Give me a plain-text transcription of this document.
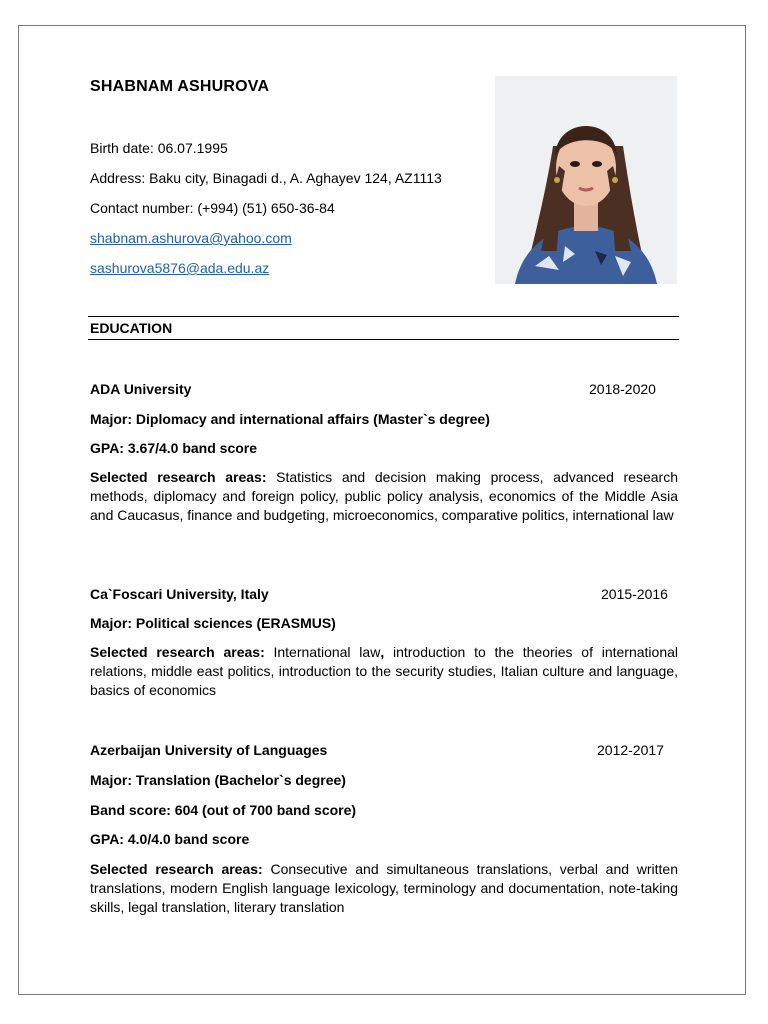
SHABNAM ASHUROVA
Birth date: 06.07.1995
Address: Baku city, Binagadi d., A. Aghayev 124, AZ1113
Contact number: (+994) (51) 650-36-84
shabnam.ashurova@yahoo.com
sashurova5876@ada.edu.az
EDUCATION
ADA University	2018-2020
Major: Diplomacy and international affairs (Master`s degree)
GPA: 3.67/4.0 band score
Selected research areas: Statistics and decision making process, advanced research methods, diplomacy and foreign policy, public policy analysis, economics of the Middle Asia and Caucasus, finance and budgeting, microeconomics, comparative politics, international law
Ca`Foscari University, Italy	2015-2016
Major: Political sciences (ERASMUS)
Selected research areas: International law, introduction to the theories of international relations, middle east politics, introduction to the security studies, Italian culture and language, basics of economics
Azerbaijan University of Languages	2012-2017
Major: Translation (Bachelor`s degree)
Band score: 604 (out of 700 band score)
GPA: 4.0/4.0 band score
Selected research areas: Consecutive and simultaneous translations, verbal and written translations, modern English language lexicology, terminology and documentation, note-taking skills, legal translation, literary translation
